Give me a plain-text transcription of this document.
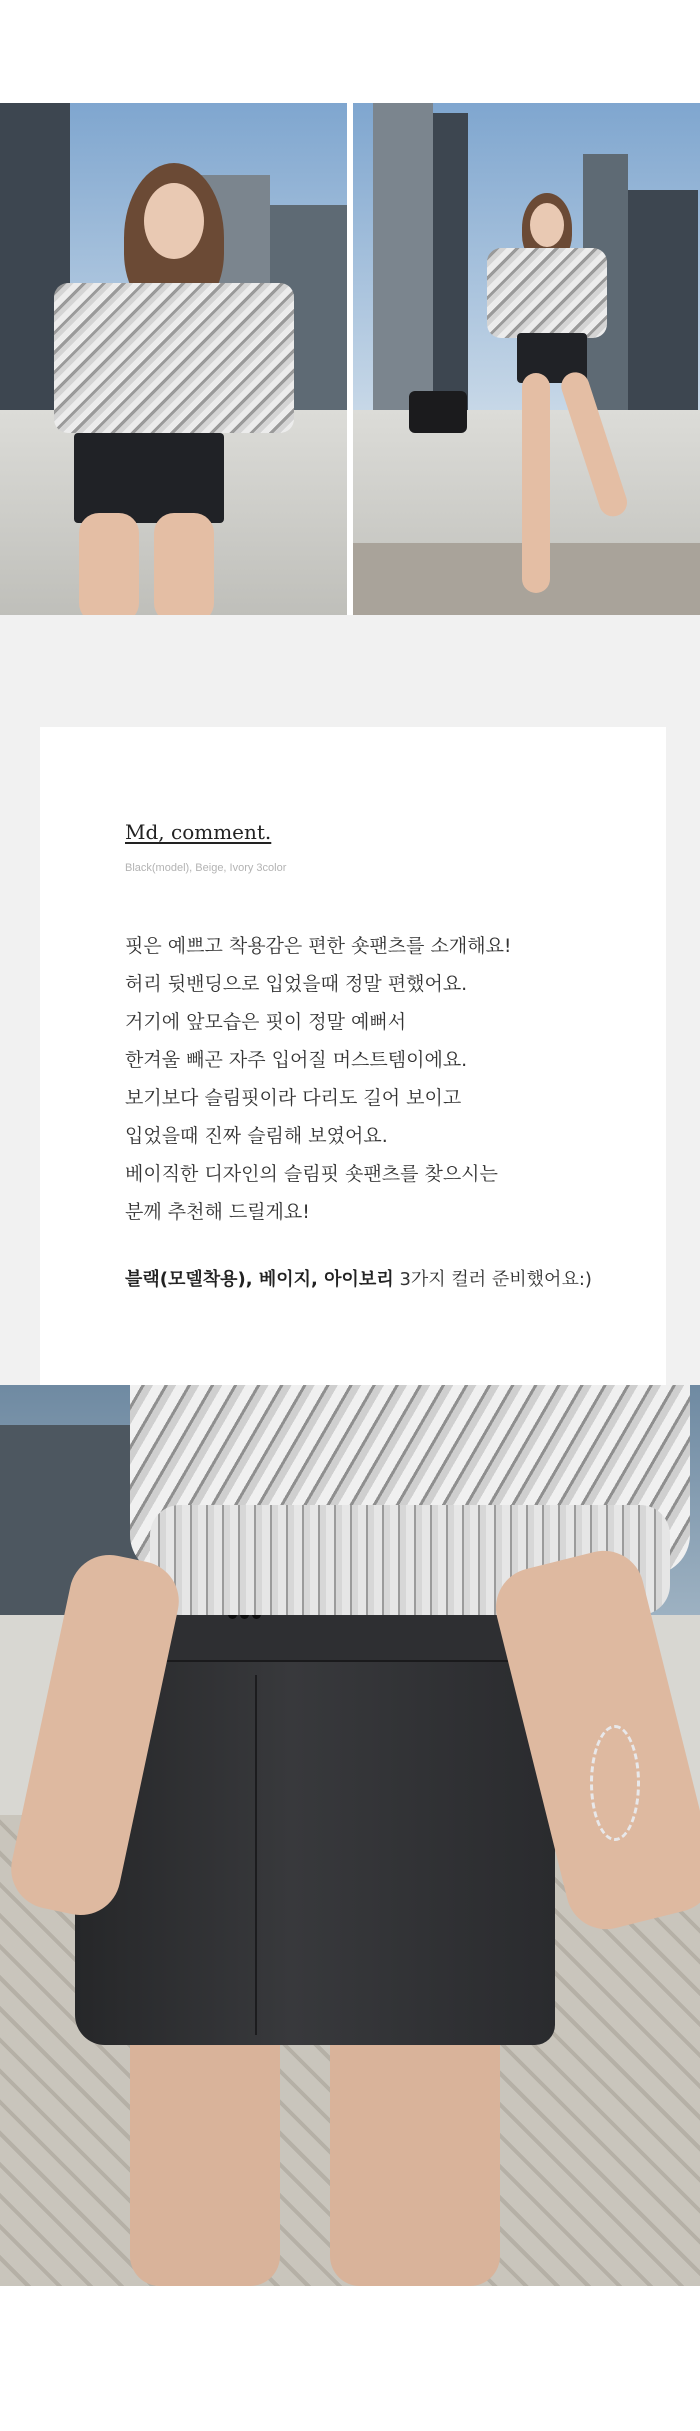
Md, comment.

Black(model), Beige, Ivory 3color

핏은 예쁘고 착용감은 편한 숏팬츠를 소개해요!

허리 뒷밴딩으로 입었을때 정말 편했어요.

거기에 앞모습은 핏이 정말 예뻐서

한겨울 빼곤 자주 입어질 머스트템이에요.

보기보다 슬림핏이라 다리도 길어 보이고

입었을때 진짜 슬림해 보였어요.

베이직한 디자인의 슬림핏 숏팬츠를 찾으시는

분께 추천해 드릴게요!

블랙(모델착용), 베이지, 아이보리 3가지 컬러 준비했어요:)
